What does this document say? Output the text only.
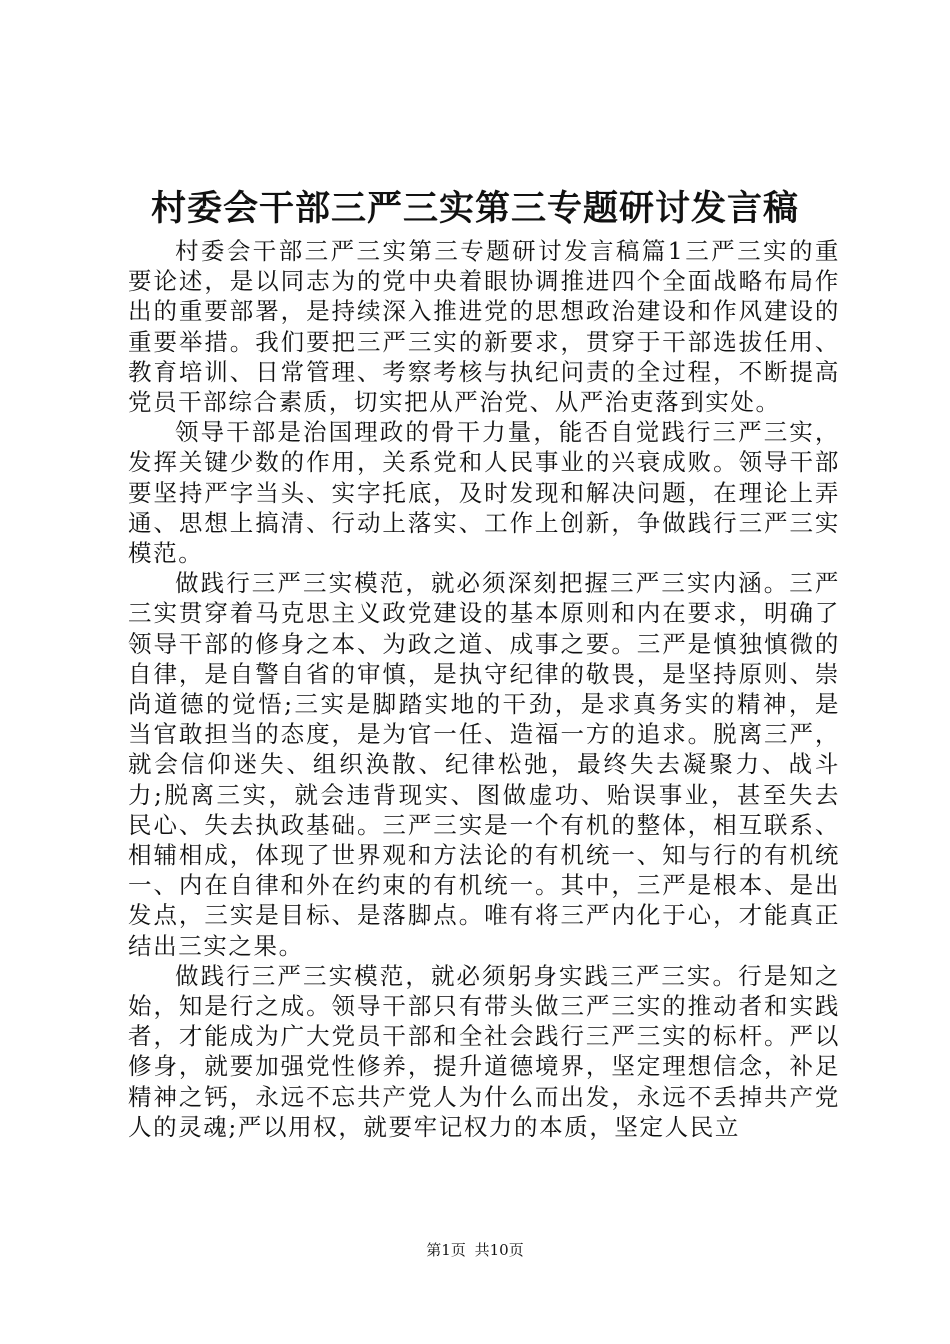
村委会干部三严三实第三专题研讨发言稿

村委会干部三严三实第三专题研讨发言稿篇1三严三实的重要论述，是以同志为的党中央着眼协调推进四个全面战略布局作出的重要部署，是持续深入推进党的思想政治建设和作风建设的重要举措。我们要把三严三实的新要求，贯穿于干部选拔任用、教育培训、日常管理、考察考核与执纪问责的全过程，不断提高党员干部综合素质，切实把从严治党、从严治吏落到实处。

领导干部是治国理政的骨干力量，能否自觉践行三严三实，发挥关键少数的作用，关系党和人民事业的兴衰成败。领导干部要坚持严字当头、实字托底，及时发现和解决问题，在理论上弄通、思想上搞清、行动上落实、工作上创新，争做践行三严三实模范。

做践行三严三实模范，就必须深刻把握三严三实内涵。三严三实贯穿着马克思主义政党建设的基本原则和内在要求，明确了领导干部的修身之本、为政之道、成事之要。三严是慎独慎微的自律，是自警自省的审慎，是执守纪律的敬畏，是坚持原则、崇尚道德的觉悟;三实是脚踏实地的干劲，是求真务实的精神，是当官敢担当的态度，是为官一任、造福一方的追求。脱离三严，就会信仰迷失、组织涣散、纪律松弛，最终失去凝聚力、战斗力;脱离三实，就会违背现实、图做虚功、贻误事业，甚至失去民心、失去执政基础。三严三实是一个有机的整体，相互联系、相辅相成，体现了世界观和方法论的有机统一、知与行的有机统一、内在自律和外在约束的有机统一。其中，三严是根本、是出发点，三实是目标、是落脚点。唯有将三严内化于心，才能真正结出三实之果。

做践行三严三实模范，就必须躬身实践三严三实。行是知之始，知是行之成。领导干部只有带头做三严三实的推动者和实践者，才能成为广大党员干部和全社会践行三严三实的标杆。严以修身，就要加强党性修养，提升道德境界，坚定理想信念，补足精神之钙，永远不忘共产党人为什么而出发，永远不丢掉共产党人的灵魂;严以用权，就要牢记权力的本质，坚定人民立

第1页 共10页
